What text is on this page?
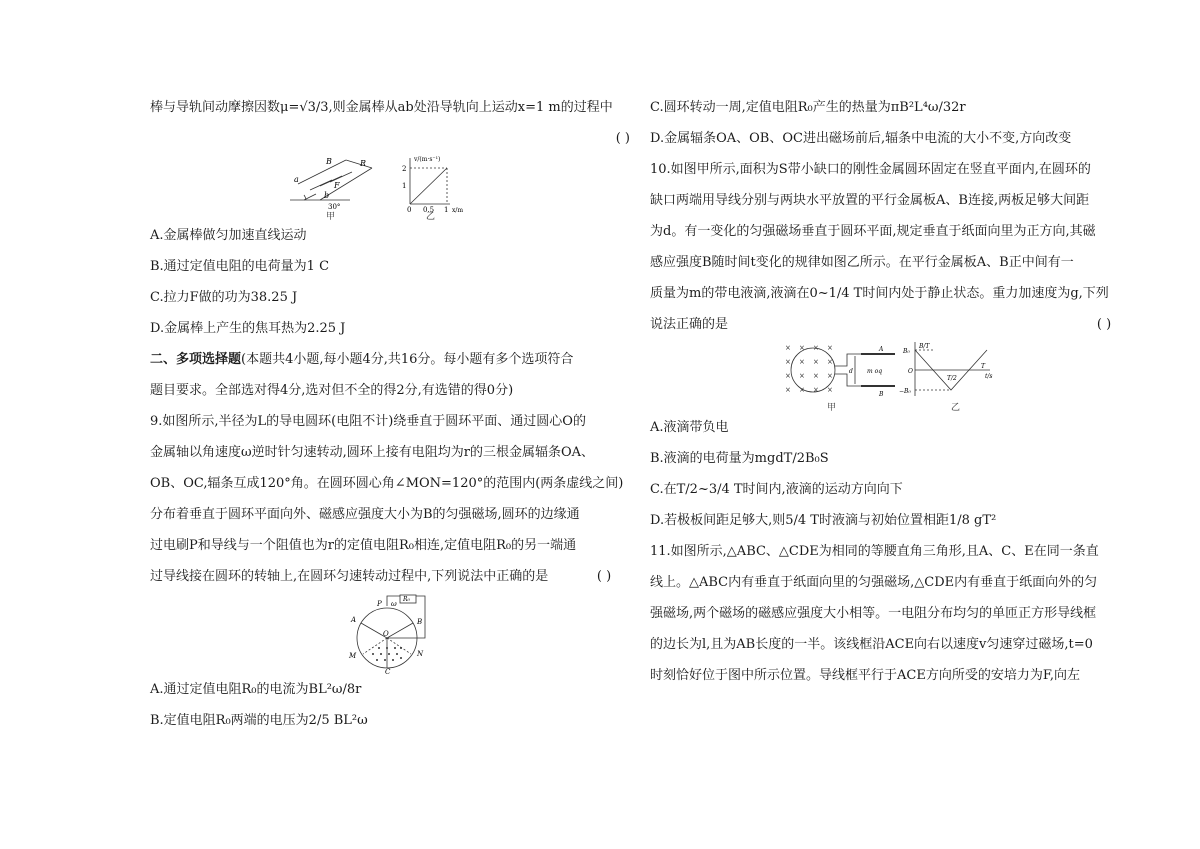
棒与导轨间动摩擦因数μ=√3/3,则金属棒从ab处沿导轨向上运动x=1 m的过程中
( )
a
B	R
F
b
30°
甲
v/(m·s⁻¹)
x/m
2
1
0 0.5 1
乙
A.金属棒做匀加速直线运动
B.通过定值电阻的电荷量为1 C
C.拉力F做的功为38.25 J
D.金属棒上产生的焦耳热为2.25 J
二、多项选择题(本题共4小题,每小题4分,共16分。每小题有多个选项符合
题目要求。全部选对得4分,选对但不全的得2分,有选错的得0分)
9.如图所示,半径为L的导电圆环(电阻不计)绕垂直于圆环平面、通过圆心O的
金属轴以角速度ω逆时针匀速转动,圆环上接有电阻均为r的三根金属辐条OA、
OB、OC,辐条互成120°角。在圆环圆心角∠MON=120°的范围内(两条虚线之间)
分布着垂直于圆环平面向外、磁感应强度大小为B的匀强磁场,圆环的边缘通
过电刷P和导线与一个阻值也为r的定值电阻R₀相连,定值电阻R₀的另一端通
过导线接在圆环的转轴上,在圆环匀速转动过程中,下列说法中正确的是	( )
P ω
R₀
A
O
M	N
C
B
A.通过定值电阻R₀的电流为BL²ω/8r
B.定值电阻R₀两端的电压为2/5 BL²ω
C.圆环转动一周,定值电阻R₀产生的热量为πB²L⁴ω/32r
D.金属辐条OA、OB、OC进出磁场前后,辐条中电流的大小不变,方向改变
10.如图甲所示,面积为S带小缺口的刚性金属圆环固定在竖直平面内,在圆环的
缺口两端用导线分别与两块水平放置的平行金属板A、B连接,两板足够大间距
为d。有一变化的匀强磁场垂直于圆环平面,规定垂直于纸面向里为正方向,其磁
感应强度B随时间t变化的规律如图乙所示。在平行金属板A、B正中间有一
质量为m的带电液滴,液滴在0~1/4 T时间内处于静止状态。重力加速度为g,下列
说法正确的是	( )
× × × ×
× × × ×
× × × ×
× × × ×
A
B
d m oq
甲
B/T
B₀
−B₀
O
T/2
T
t/s
乙
A.液滴带负电
B.液滴的电荷量为mgdT/2B₀S
C.在T/2~3/4 T时间内,液滴的运动方向向下
D.若极板间距足够大,则5/4 T时液滴与初始位置相距1/8 gT²
11.如图所示,△ABC、△CDE为相同的等腰直角三角形,且A、C、E在同一条直
线上。△ABC内有垂直于纸面向里的匀强磁场,△CDE内有垂直于纸面向外的匀
强磁场,两个磁场的磁感应强度大小相等。一电阻分布均匀的单匝正方形导线框
的边长为l,且为AB长度的一半。该线框沿ACE向右以速度v匀速穿过磁场,t=0
时刻恰好位于图中所示位置。导线框平行于ACE方向所受的安培力为F,向左
